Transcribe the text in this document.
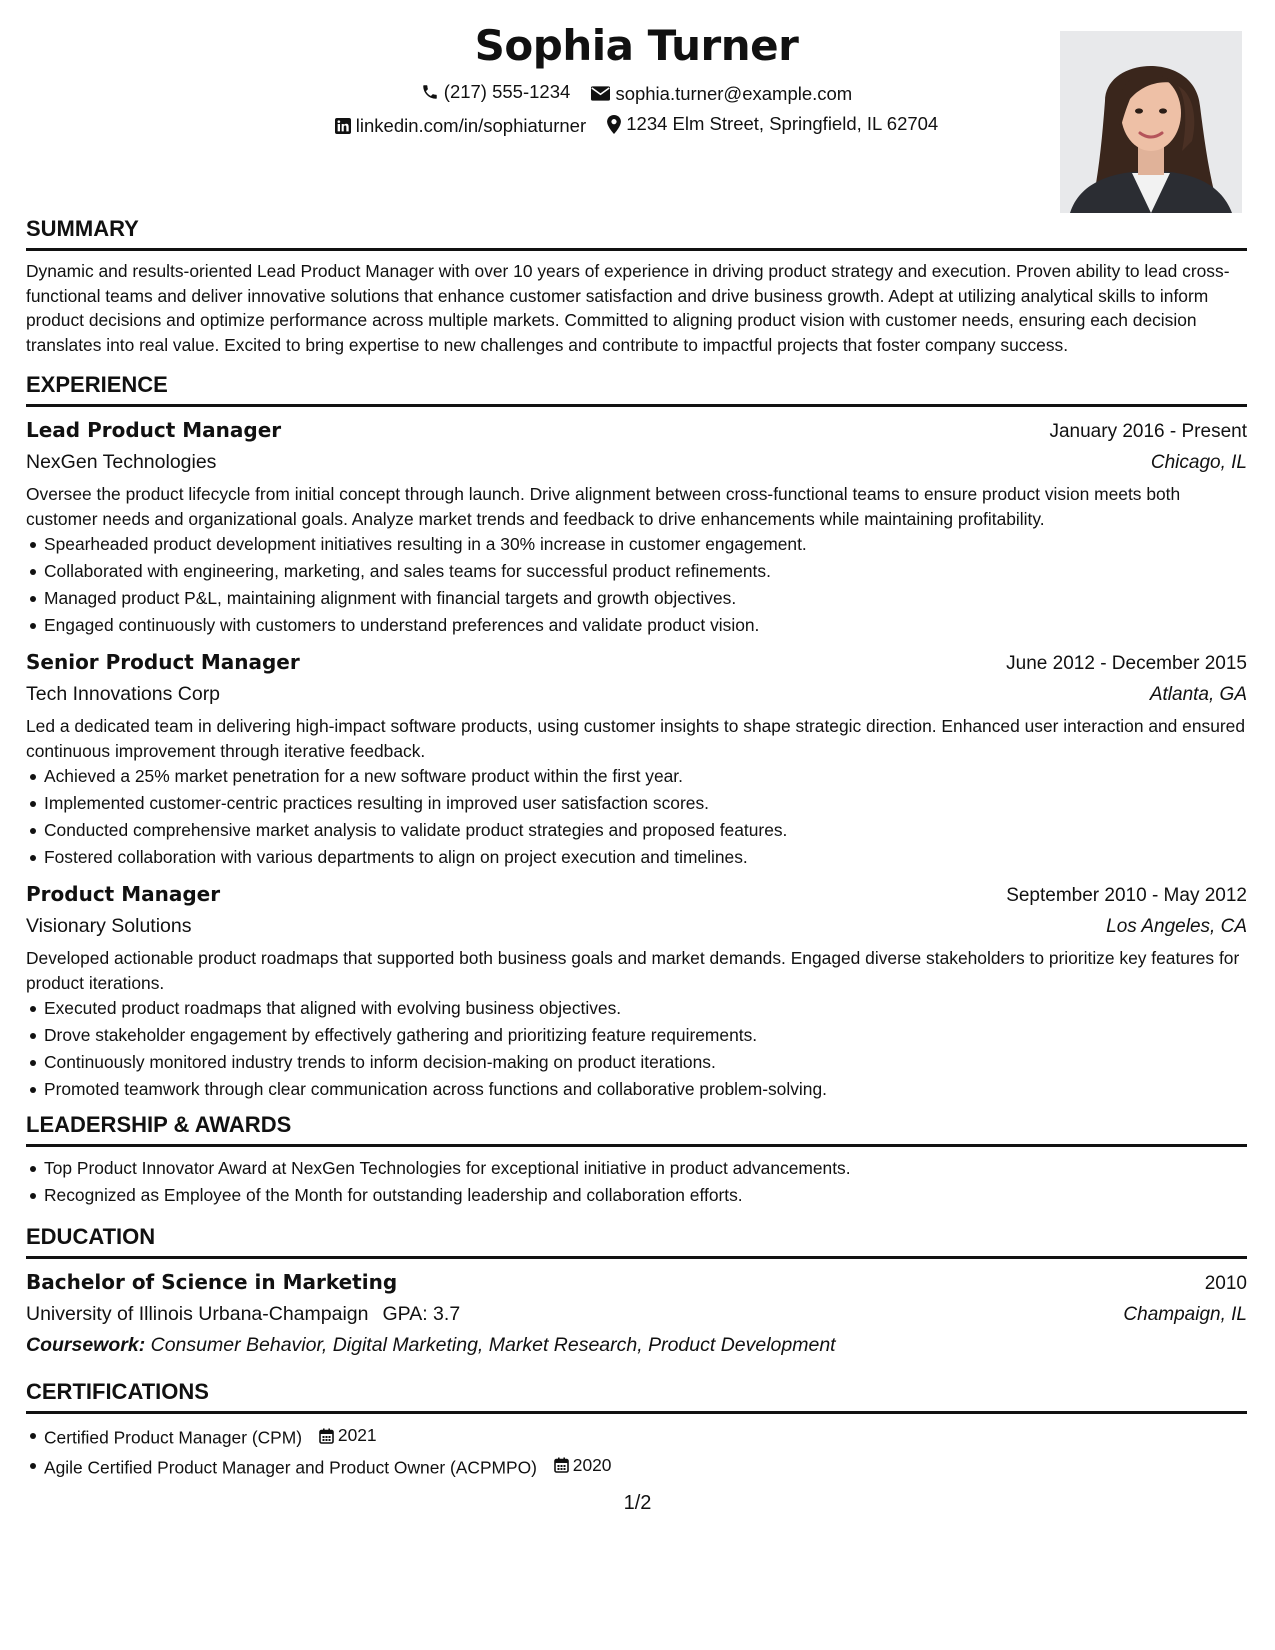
Sophia Turner
(217) 555-1234
sophia.turner@example.com
linkedin.com/in/sophiaturner
1234 Elm Street, Springfield, IL 62704
SUMMARY

Dynamic and results-oriented Lead Product Manager with over 10 years of experience in driving product strategy and execution. Proven ability to lead cross-functional teams and deliver innovative solutions that enhance customer satisfaction and drive business growth. Adept at utilizing analytical skills to inform product decisions and optimize performance across multiple markets. Committed to aligning product vision with customer needs, ensuring each decision translates into real value. Excited to bring expertise to new challenges and contribute to impactful projects that foster company success.

EXPERIENCE
Lead Product Manager	January 2016 - Present
NexGen Technologies	Chicago, IL

Oversee the product lifecycle from initial concept through launch. Drive alignment between cross-functional teams to ensure product vision meets both customer needs and organizational goals. Analyze market trends and feedback to drive enhancements while maintaining profitability.

Spearheaded product development initiatives resulting in a 30% increase in customer engagement.
Collaborated with engineering, marketing, and sales teams for successful product refinements.
Managed product P&L, maintaining alignment with financial targets and growth objectives.
Engaged continuously with customers to understand preferences and validate product vision.
Senior Product Manager	June 2012 - December 2015
Tech Innovations Corp	Atlanta, GA

Led a dedicated team in delivering high-impact software products, using customer insights to shape strategic direction. Enhanced user interaction and ensured continuous improvement through iterative feedback.

Achieved a 25% market penetration for a new software product within the first year.
Implemented customer-centric practices resulting in improved user satisfaction scores.
Conducted comprehensive market analysis to validate product strategies and proposed features.
Fostered collaboration with various departments to align on project execution and timelines.
Product Manager	September 2010 - May 2012
Visionary Solutions	Los Angeles, CA

Developed actionable product roadmaps that supported both business goals and market demands. Engaged diverse stakeholders to prioritize key features for product iterations.

Executed product roadmaps that aligned with evolving business objectives.
Drove stakeholder engagement by effectively gathering and prioritizing feature requirements.
Continuously monitored industry trends to inform decision-making on product iterations.
Promoted teamwork through clear communication across functions and collaborative problem-solving.
LEADERSHIP & AWARDS
Top Product Innovator Award at NexGen Technologies for exceptional initiative in product advancements.
Recognized as Employee of the Month for outstanding leadership and collaboration efforts.
EDUCATION
Bachelor of Science in Marketing	2010
University of Illinois Urbana-Champaign GPA: 3.7	Champaign, IL
Coursework: Consumer Behavior, Digital Marketing, Market Research, Product Development
CERTIFICATIONS
Certified Product Manager (CPM) 2021
Agile Certified Product Manager and Product Owner (ACPMPO) 2020
1/2
